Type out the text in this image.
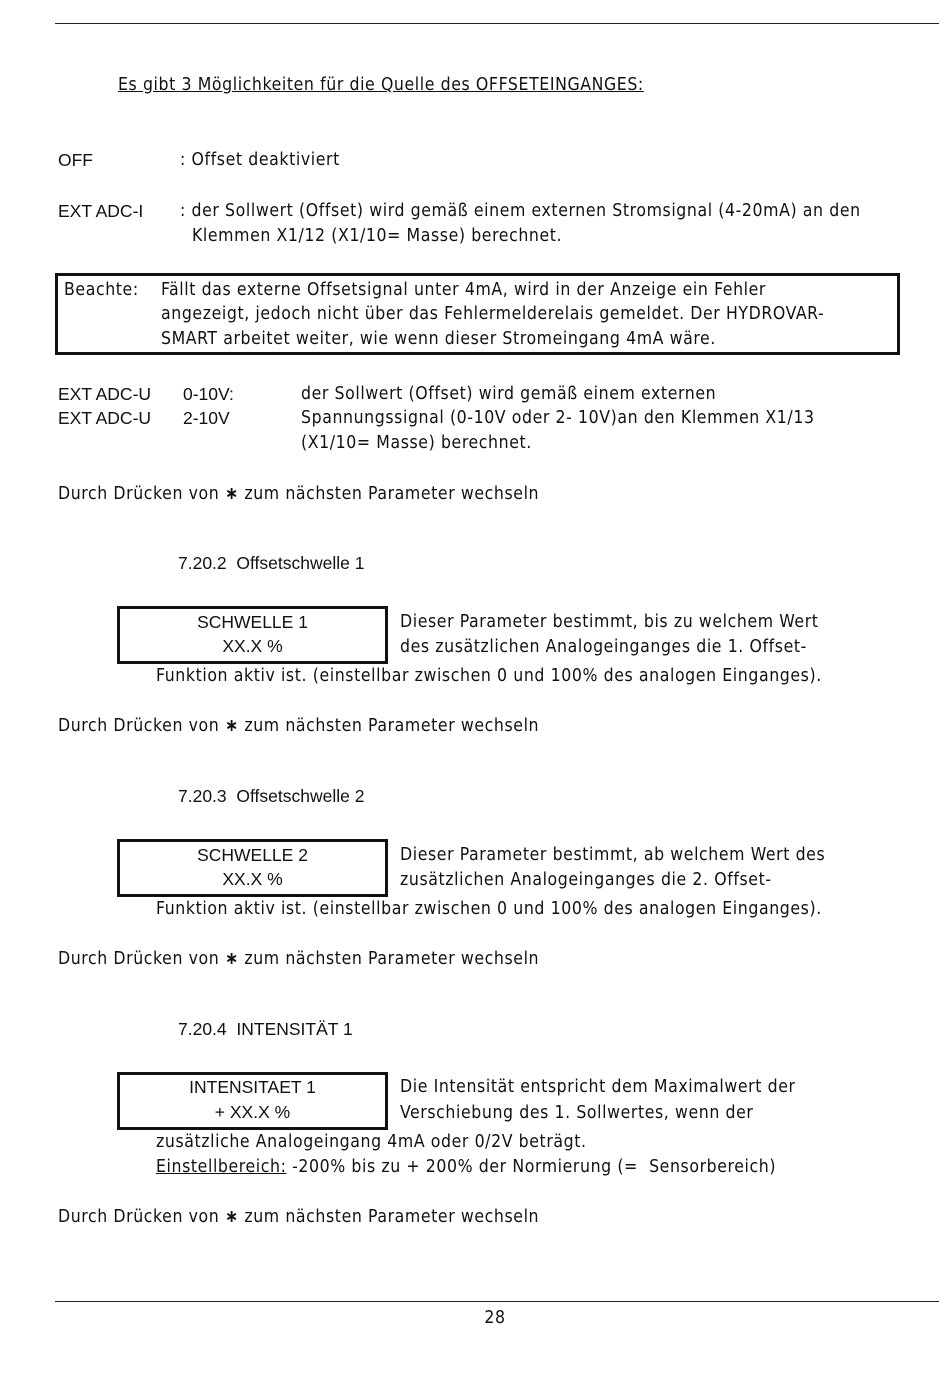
Es gibt 3 Möglichkeiten für die Quelle des OFFSETEINGANGES:
OFF	: Offset deaktiviert
EXT ADC-I : der Sollwert (Offset) wird gemäß einem externen Stromsignal (4-20mA) an den
Klemmen X1/12 (X1/10= Masse) berechnet.
Beachte: Fällt das externe Offsetsignal unter 4mA, wird in der Anzeige ein Fehler
angezeigt, jedoch nicht über das Fehlermelderelais gemeldet. Der HYDROVAR-
SMART arbeitet weiter, wie wenn dieser Stromeingang 4mA wäre.
EXT ADC-U 0-10V:
EXT ADC-U 2-10V
der Sollwert (Offset) wird gemäß einem externen
Spannungssignal (0-10V oder 2- 10V)an den Klemmen X1/13
(X1/10= Masse) berechnet.
Durch Drücken von ∗ zum nächsten Parameter wechseln
7.20.2  Offsetschwelle 1
SCHWELLE 1
XX.X %
Dieser Parameter bestimmt, bis zu welchem Wert
des zusätzlichen Analogeinganges die 1. Offset-
Funktion aktiv ist. (einstellbar zwischen 0 und 100% des analogen Einganges).
Durch Drücken von ∗ zum nächsten Parameter wechseln
7.20.3  Offsetschwelle 2
SCHWELLE 2
XX.X %
Dieser Parameter bestimmt, ab welchem Wert des
zusätzlichen Analogeinganges die 2. Offset-
Funktion aktiv ist. (einstellbar zwischen 0 und 100% des analogen Einganges).
Durch Drücken von ∗ zum nächsten Parameter wechseln
7.20.4  INTENSITÄT 1
INTENSITAET 1
+ XX.X %
Die Intensität entspricht dem Maximalwert der
Verschiebung des 1. Sollwertes, wenn der
zusätzliche Analogeingang 4mA oder 0/2V beträgt.
Einstellbereich: -200% bis zu + 200% der Normierung (=  Sensorbereich)
Durch Drücken von ∗ zum nächsten Parameter wechseln
28
